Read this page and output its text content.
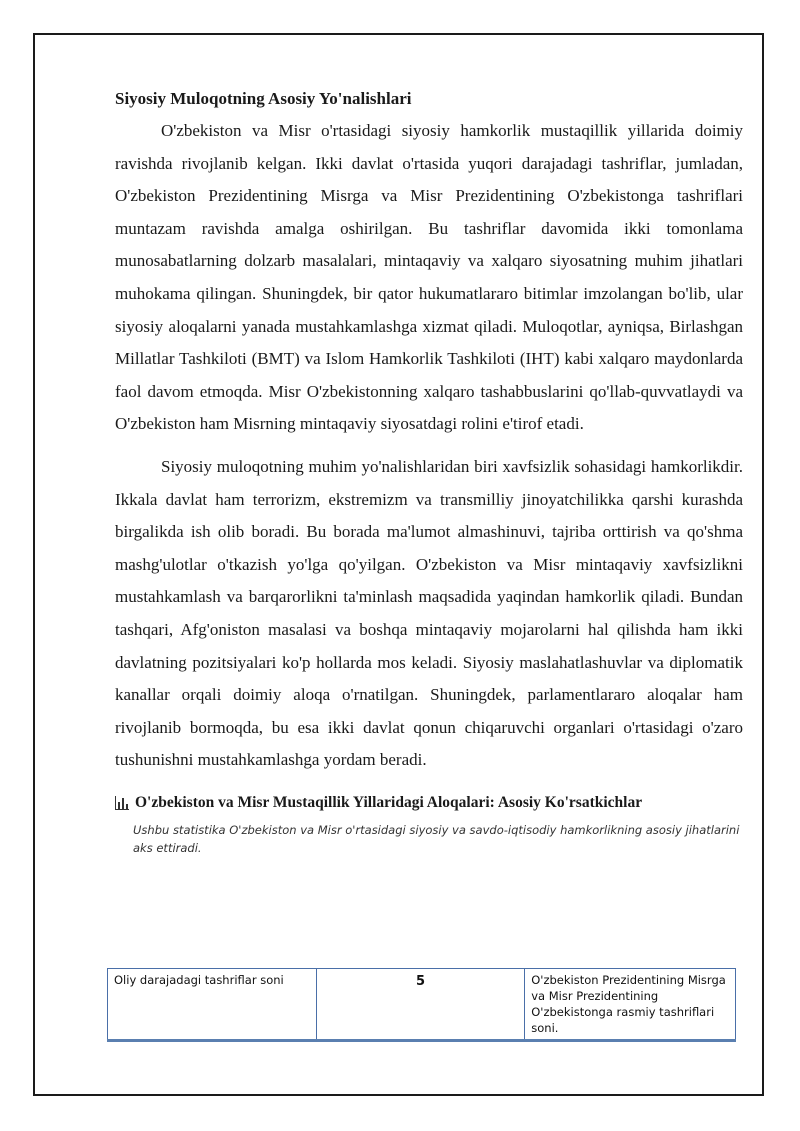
Siyosiy Muloqotning Asosiy Yo'nalishlari

O'zbekiston va Misr o'rtasidagi siyosiy hamkorlik mustaqillik yillarida doimiy ravishda rivojlanib kelgan. Ikki davlat o'rtasida yuqori darajadagi tashriflar, jumladan, O'zbekiston Prezidentining Misrga va Misr Prezidentining O'zbekistonga tashriflari muntazam ravishda amalga oshirilgan. Bu tashriflar davomida ikki tomonlama munosabatlarning dolzarb masalalari, mintaqaviy va xalqaro siyosatning muhim jihatlari muhokama qilingan. Shuningdek, bir qator hukumatlararo bitimlar imzolangan bo'lib, ular siyosiy aloqalarni yanada mustahkamlashga xizmat qiladi. Muloqotlar, ayniqsa, Birlashgan Millatlar Tashkiloti (BMT) va Islom Hamkorlik Tashkiloti (IHT) kabi xalqaro maydonlarda faol davom etmoqda. Misr O'zbekistonning xalqaro tashabbuslarini qo'llab-quvvatlaydi va O'zbekiston ham Misrning mintaqaviy siyosatdagi rolini e'tirof etadi.

Siyosiy muloqotning muhim yo'nalishlaridan biri xavfsizlik sohasidagi hamkorlikdir. Ikkala davlat ham terrorizm, ekstremizm va transmilliy jinoyatchilikka qarshi kurashda birgalikda ish olib boradi. Bu borada ma'lumot almashinuvi, tajriba orttirish va qo'shma mashg'ulotlar o'tkazish yo'lga qo'yilgan. O'zbekiston va Misr mintaqaviy xavfsizlikni mustahkamlash va barqarorlikni ta'minlash maqsadida yaqindan hamkorlik qiladi. Bundan tashqari, Afg'oniston masalasi va boshqa mintaqaviy mojarolarni hal qilishda ham ikki davlatning pozitsiyalari ko'p hollarda mos keladi. Siyosiy maslahatlashuvlar va diplomatik kanallar orqali doimiy aloqa o'rnatilgan. Shuningdek, parlamentlararo aloqalar ham rivojlanib bormoqda, bu esa ikki davlat qonun chiqaruvchi organlari o'rtasidagi o'zaro tushunishni mustahkamlashga yordam beradi.

O'zbekiston va Misr Mustaqillik Yillaridagi Aloqalari: Asosiy Ko'rsatkichlar
Ushbu statistika O'zbekiston va Misr o'rtasidagi siyosiy va savdo-iqtisodiy hamkorlikning asosiy jihatlarini aks ettiradi.
Oliy darajadagi tashriflar soni	5	O'zbekiston Prezidentining Misrga va Misr Prezidentining O'zbekistonga rasmiy tashriflari soni.
